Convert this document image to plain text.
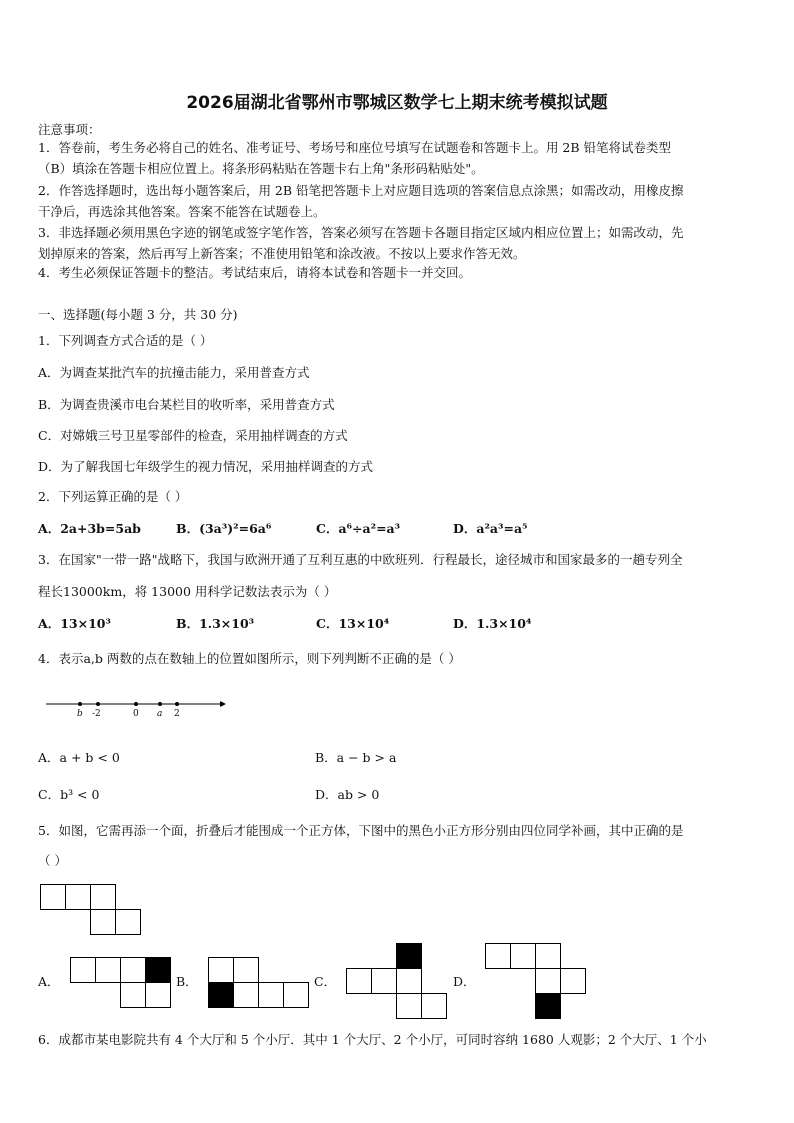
2026届湖北省鄂州市鄂城区数学七上期末统考模拟试题
注意事项：
1．答卷前，考生务必将自己的姓名、准考证号、考场号和座位号填写在试题卷和答题卡上。用 2B 铅笔将试卷类型
（B）填涂在答题卡相应位置上。将条形码粘贴在答题卡右上角"条形码粘贴处"。
2．作答选择题时，选出每小题答案后，用 2B 铅笔把答题卡上对应题目选项的答案信息点涂黑；如需改动，用橡皮擦
干净后，再选涂其他答案。答案不能答在试题卷上。
3．非选择题必须用黑色字迹的钢笔或签字笔作答，答案必须写在答题卡各题目指定区域内相应位置上；如需改动，先
划掉原来的答案，然后再写上新答案；不准使用铅笔和涂改液。不按以上要求作答无效。
4．考生必须保证答题卡的整洁。考试结束后，请将本试卷和答题卡一并交回。
一、选择题(每小题 3 分，共 30 分)
1．下列调查方式合适的是（ ）
A．为调查某批汽车的抗撞击能力，采用普查方式
B．为调查贵溪市电台某栏目的收听率，采用普查方式
C．对嫦娥三号卫星零部件的检查，采用抽样调查的方式
D．为了解我国七年级学生的视力情况，采用抽样调查的方式
2．下列运算正确的是（ ）
A．2a+3b=5ab	B．(3a³)²=6a⁶	C．a⁶÷a²=a³	D．a²a³=a⁵
3．在国家"一带一路"战略下，我国与欧洲开通了互利互惠的中欧班列．行程最长，途径城市和国家最多的一趟专列全
程长13000km，将 13000 用科学记数法表示为（ ）
A．13×10³	B．1.3×10³	C．13×10⁴	D．1.3×10⁴
4．表示a,b 两数的点在数轴上的位置如图所示，则下列判断不正确的是（ ）
b -2	0 a 2
A．a + b < 0	B．a − b > a
C．b³ < 0	D．ab > 0
5．如图，它需再添一个面，折叠后才能围成一个正方体，下图中的黑色小正方形分别由四位同学补画，其中正确的是
（ ）
A．	B．	C．	D．
6．成都市某电影院共有 4 个大厅和 5 个小厅．其中 1 个大厅、2 个小厅，可同时容纳 1680 人观影；2 个大厅、1 个小
